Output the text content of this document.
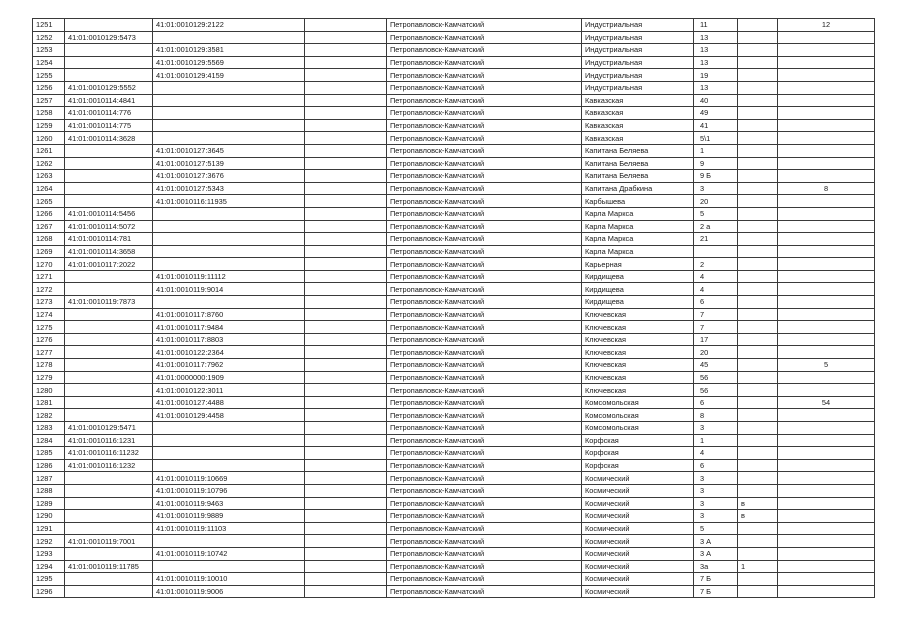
1251		41:01:0010129:2122		Петропавловск-Камчатский	Индустриальная	11		12
1252	41:01:0010129:5473			Петропавловск-Камчатский	Индустриальная	13		
1253		41:01:0010129:3581		Петропавловск-Камчатский	Индустриальная	13		
1254		41:01:0010129:5569		Петропавловск-Камчатский	Индустриальная	13		
1255		41:01:0010129:4159		Петропавловск-Камчатский	Индустриальная	19		
1256	41:01:0010129:5552			Петропавловск-Камчатский	Индустриальная	13		
1257	41:01:0010114:4841			Петропавловск-Камчатский	Кавказская	40		
1258	41:01:0010114:776			Петропавловск-Камчатский	Кавказская	49		
1259	41:01:0010114:775			Петропавловск-Камчатский	Кавказская	41		
1260	41:01:0010114:3628			Петропавловск-Камчатский	Кавказская	5\1		
1261		41:01:0010127:3645		Петропавловск-Камчатский	Капитана Беляева	1		
1262		41:01:0010127:5139		Петропавловск-Камчатский	Капитана Беляева	9		
1263		41:01:0010127:3676		Петропавловск-Камчатский	Капитана Беляева	9 Б		
1264		41:01:0010127:5343		Петропавловск-Камчатский	Капитана Драбкина	3		8
1265		41:01:0010116:11935		Петропавловск-Камчатский	Карбышева	20		
1266	41:01:0010114:5456			Петропавловск-Камчатский	Карла Маркса	5		
1267	41:01:0010114:5072			Петропавловск-Камчатский	Карла Маркса	2 а		
1268	41:01:0010114:781			Петропавловск-Камчатский	Карла Маркса	21		
1269	41:01:0010114:3658			Петропавловск-Камчатский	Карла Маркса			
1270	41:01:0010117:2022			Петропавловск-Камчатский	Карьерная	2		
1271		41:01:0010119:11112		Петропавловск-Камчатский	Кирдищева	4		
1272		41:01:0010119:9014		Петропавловск-Камчатский	Кирдищева	4		
1273	41:01:0010119:7873			Петропавловск-Камчатский	Кирдищева	6		
1274		41:01:0010117:8760		Петропавловск-Камчатский	Ключевская	7		
1275		41:01:0010117:9484		Петропавловск-Камчатский	Ключевская	7		
1276		41:01:0010117:8803		Петропавловск-Камчатский	Ключевская	17		
1277		41:01:0010122:2364		Петропавловск-Камчатский	Ключевская	20		
1278		41:01:0010117:7962		Петропавловск-Камчатский	Ключевская	45		5
1279		41:01:0000000:1909		Петропавловск-Камчатский	Ключевская	56		
1280		41:01:0010122:3011		Петропавловск-Камчатский	Ключевская	56		
1281		41:01:0010127:4488		Петропавловск-Камчатский	Комсомольская	6		54
1282		41:01:0010129:4458		Петропавловск-Камчатский	Комсомольская	8		
1283	41:01:0010129:5471			Петропавловск-Камчатский	Комсомольская	3		
1284	41:01:0010116:1231			Петропавловск-Камчатский	Корфская	1		
1285	41:01:0010116:11232			Петропавловск-Камчатский	Корфская	4		
1286	41:01:0010116:1232			Петропавловск-Камчатский	Корфская	6		
1287		41:01:0010119:10669		Петропавловск-Камчатский	Космический	3		
1288		41:01:0010119:10796		Петропавловск-Камчатский	Космический	3		
1289		41:01:0010119:9463		Петропавловск-Камчатский	Космический	3	в	
1290		41:01:0010119:9889		Петропавловск-Камчатский	Космический	3	в	
1291		41:01:0010119:11103		Петропавловск-Камчатский	Космический	5		
1292	41:01:0010119:7001			Петропавловск-Камчатский	Космический	3 А		
1293		41:01:0010119:10742		Петропавловск-Камчатский	Космический	3 А		
1294	41:01:0010119:11785			Петропавловск-Камчатский	Космический	3а	1	
1295		41:01:0010119:10010		Петропавловск-Камчатский	Космический	7 Б		
1296		41:01:0010119:9006		Петропавловск-Камчатский	Космический	7 Б		
